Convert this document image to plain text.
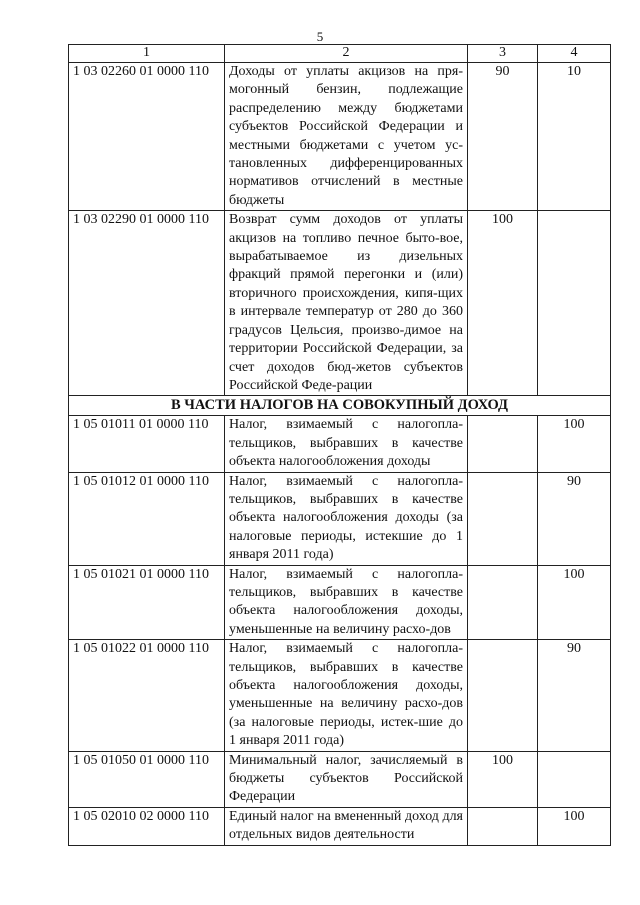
5
1	2	3	4
1 03 02260 01 0000 110	Доходы от уплаты акцизов на пря-могонный бензин, подлежащие распределению между бюджетами субъектов Российской Федерации и местными бюджетами с учетом ус-тановленных дифференцированных нормативов отчислений в местные бюджеты	90	10
1 03 02290 01 0000 110	Возврат сумм доходов от уплаты акцизов на топливо печное быто-вое, вырабатываемое из дизельных фракций прямой перегонки и (или) вторичного происхождения, кипя-щих в интервале температур от 280 до 360 градусов Цельсия, произво-димое на территории Российской Федерации, за счет доходов бюд-жетов субъектов Российской Феде-рации	100	
В ЧАСТИ НАЛОГОВ НА СОВОКУПНЫЙ ДОХОД			
1 05 01011 01 0000 110	Налог, взимаемый с налогопла-тельщиков, выбравших в качестве объекта налогообложения доходы		100
1 05 01012 01 0000 110	Налог, взимаемый с налогопла-тельщиков, выбравших в качестве объекта налогообложения доходы (за налоговые периоды, истекшие до 1 января 2011 года)		90
1 05 01021 01 0000 110	Налог, взимаемый с налогопла-тельщиков, выбравших в качестве объекта налогообложения доходы, уменьшенные на величину расхо-дов		100
1 05 01022 01 0000 110	Налог, взимаемый с налогопла-тельщиков, выбравших в качестве объекта налогообложения доходы, уменьшенные на величину расхо-дов (за налоговые периоды, истек-шие до 1 января 2011 года)		90
1 05 01050 01 0000 110	Минимальный налог, зачисляемый в бюджеты субъектов Российской Федерации	100	
1 05 02010 02 0000 110	Единый налог на вмененный доход для отдельных видов деятельности		100
